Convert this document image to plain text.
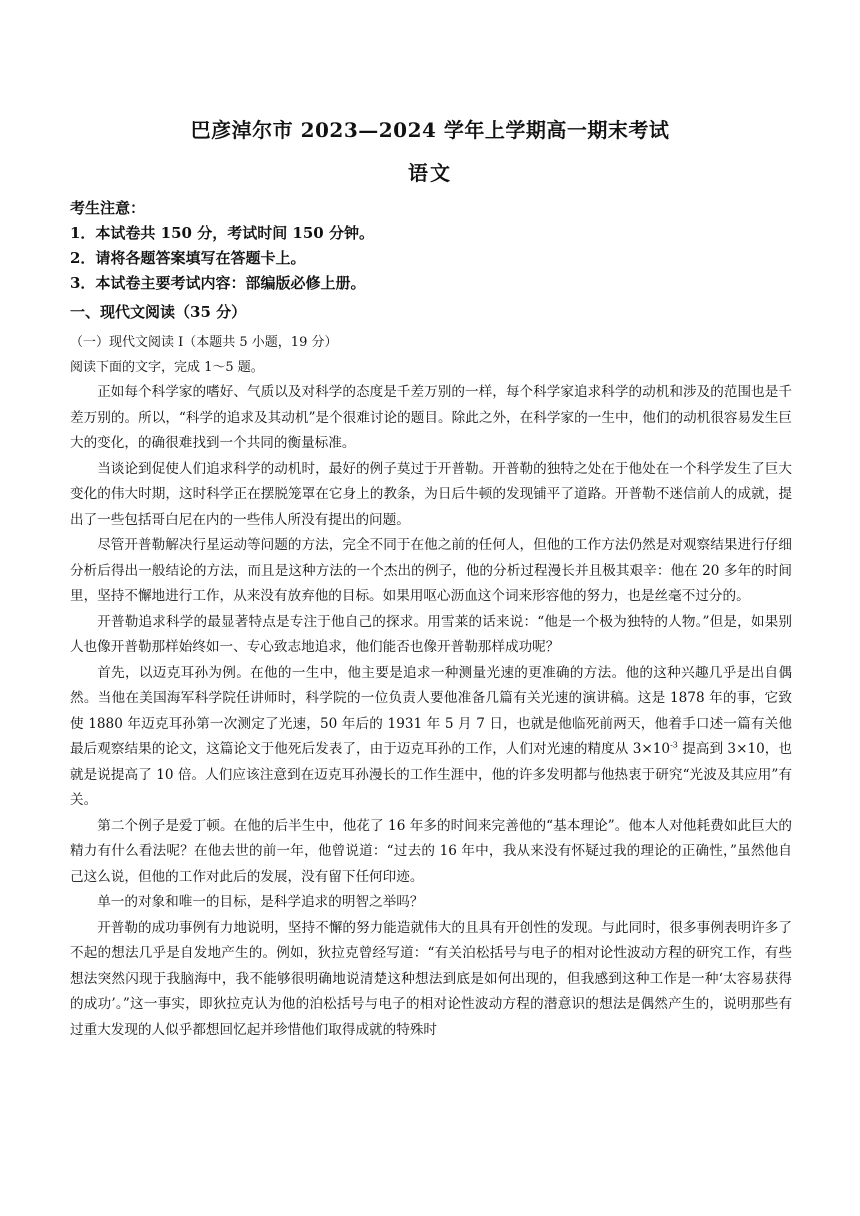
巴彦淖尔市 2023—2024 学年上学期高一期末考试
语文
考生注意：
1．本试卷共 150 分，考试时间 150 分钟。
2．请将各题答案填写在答题卡上。
3．本试卷主要考试内容：部编版必修上册。
一、现代文阅读（35 分）
（一）现代文阅读 I（本题共 5 小题，19 分）
阅读下面的文字，完成 1～5 题。

正如每个科学家的嗜好、气质以及对科学的态度是千差万别的一样，每个科学家追求科学的动机和涉及的范围也是千差万别的。所以，“科学的追求及其动机”是个很难讨论的题目。除此之外，在科学家的一生中，他们的动机很容易发生巨大的变化，的确很难找到一个共同的衡量标准。

当谈论到促使人们追求科学的动机时，最好的例子莫过于开普勒。开普勒的独特之处在于他处在一个科学发生了巨大变化的伟大时期，这时科学正在摆脱笼罩在它身上的教条，为日后牛顿的发现铺平了道路。开普勒不迷信前人的成就，提出了一些包括哥白尼在内的一些伟人所没有提出的问题。

尽管开普勒解决行星运动等问题的方法，完全不同于在他之前的任何人，但他的工作方法仍然是对观察结果进行仔细分析后得出一般结论的方法，而且是这种方法的一个杰出的例子，他的分析过程漫长并且极其艰辛：他在 20 多年的时间里，坚持不懈地进行工作，从来没有放弃他的目标。如果用呕心沥血这个词来形容他的努力，也是丝毫不过分的。

开普勒追求科学的最显著特点是专注于他自己的探求。用雪莱的话来说：“他是一个极为独特的人物。”但是，如果别人也像开普勒那样始终如一、专心致志地追求，他们能否也像开普勒那样成功呢？

首先，以迈克耳孙为例。在他的一生中，他主要是追求一种测量光速的更准确的方法。他的这种兴趣几乎是出自偶然。当他在美国海军科学院任讲师时，科学院的一位负责人要他准备几篇有关光速的演讲稿。这是 1878 年的事，它致使 1880 年迈克耳孙第一次测定了光速，50 年后的 1931 年 5 月 7 日，也就是他临死前两天，他着手口述一篇有关他最后观察结果的论文，这篇论文于他死后发表了，由于迈克耳孙的工作，人们对光速的精度从 $3\times 10^{-3}$ 提高到 3×10，也就是说提高了 10 倍。人们应该注意到在迈克耳孙漫长的工作生涯中，他的许多发明都与他热衷于研究“光波及其应用”有关。

第二个例子是爱丁顿。在他的后半生中，他花了 16 年多的时间来完善他的“基本理论”。他本人对他耗费如此巨大的精力有什么看法呢？在他去世的前一年，他曾说道：“过去的 16 年中，我从来没有怀疑过我的理论的正确性，”虽然他自己这么说，但他的工作对此后的发展，没有留下任何印迹。

单一的对象和唯一的目标，是科学追求的明智之举吗？

开普勒的成功事例有力地说明，坚持不懈的努力能造就伟大的且具有开创性的发现。与此同时，很多事例表明许多了不起的想法几乎是自发地产生的。例如，狄拉克曾经写道：“有关泊松括号与电子的相对论性波动方程的研究工作，有些想法突然闪现于我脑海中，我不能够很明确地说清楚这种想法到底是如何出现的，但我感到这种工作是一种‘太容易获得的成功’。”这一事实，即狄拉克认为他的泊松括号与电子的相对论性波动方程的潜意识的想法是偶然产生的，说明那些有过重大发现的人似乎都想回忆起并珍惜他们取得成就的特殊时
